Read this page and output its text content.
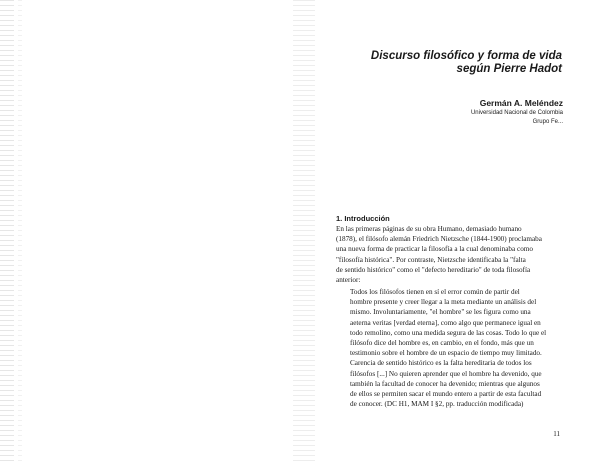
Discurso filosófico y forma de vida
según Pierre Hadot
Germán A. Meléndez
Universidad Nacional de Colombia
Grupo Fe...
1. Introducción
En las primeras páginas de su obra Humano, demasiado humano
(1878), el filósofo alemán Friedrich Nietzsche (1844-1900) proclamaba
una nueva forma de practicar la filosofía a la cual denominaba como
"filosofía histórica". Por contraste, Nietzsche identificaba la "falta
de sentido histórico" como el "defecto hereditario" de toda filosofía
anterior:
Todos los filósofos tienen en sí el error común de partir del
hombre presente y creer llegar a la meta mediante un análisis del
mismo. Involuntariamente, "el hombre" se les figura como una
aeterna veritas [verdad eterna], como algo que permanece igual en
todo remolino, como una medida segura de las cosas. Todo lo que el
filósofo dice del hombre es, en cambio, en el fondo, más que un
testimonio sobre el hombre de un espacio de tiempo muy limitado.
Carencia de sentido histórico es la falta hereditaria de todos los
filósofos [...] No quieren aprender que el hombre ha devenido, que
también la facultad de conocer ha devenido; mientras que algunos
de ellos se permiten sacar el mundo entero a partir de esta facultad
de conocer. (DC H1, MAM I §2, pp. traducción modificada)
11
